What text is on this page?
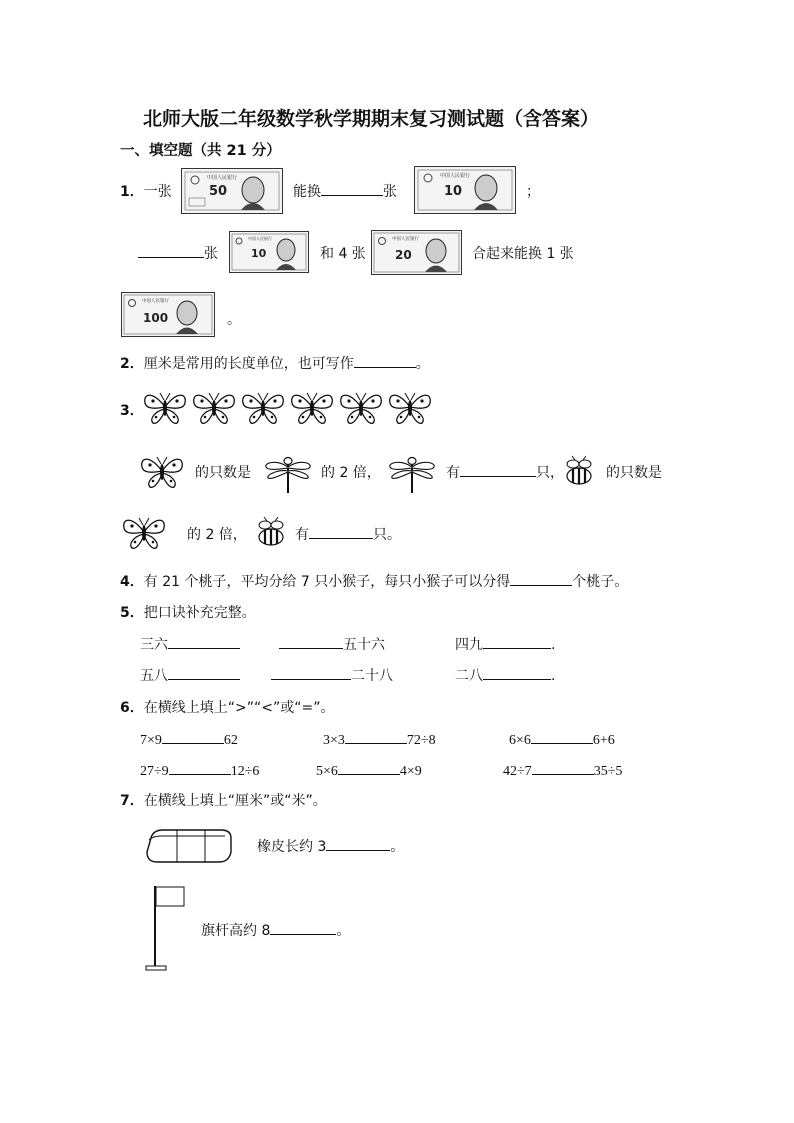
北师大版二年级数学秋学期期末复习测试题（含答案）
一、填空题（共 21 分）
1．一张
中国人民银行
50	能换	张
中国人民银行
10	；
张
中国人民银行
10	和 4 张
中国人民银行
20	合起来能换 1 张
中国人民银行
100	。
2．厘米是常用的长度单位，也可写作	。
3．
的只数是	的 2 倍，	有	只，	的只数是
的 2 倍，	有	只。
4．有 21 个桃子，平均分给 7 只小猴子，每只小猴子可以分得	个桃子。
5．把口诀补充完整。
三六	五十六	四九	.
五八	二十八	二八	.
6．在横线上填上“>”“<”或“=”。
7×9	62	3×3	72÷8	6×6	6+6
27÷9	12÷6	5×6	4×9	42÷7	35÷5
7．在横线上填上“厘米”或“米”。
橡皮长约 3	。
旗杆高约 8	。
